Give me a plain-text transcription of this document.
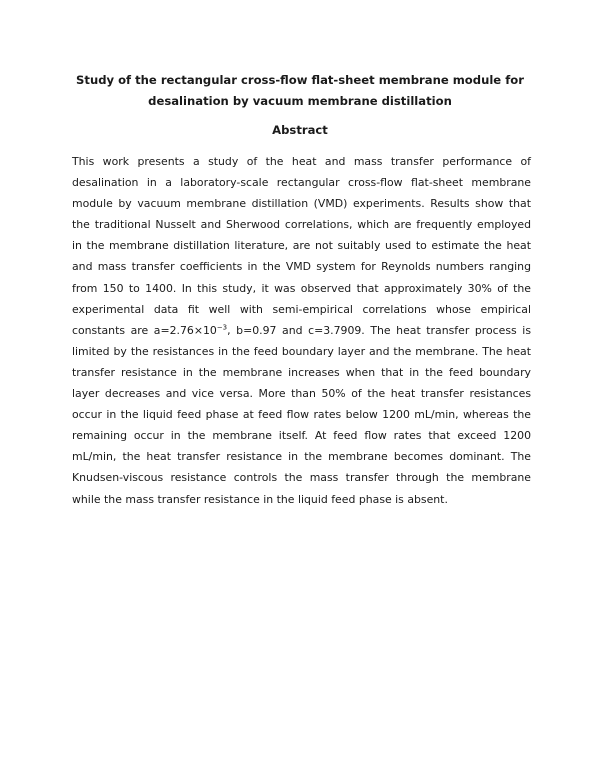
Study of the rectangular cross-flow flat-sheet membrane module for
desalination by vacuum membrane distillation
Abstract

This work presents a study of the heat and mass transfer performance of desalination in a laboratory-scale rectangular cross-flow flat-sheet membrane module by vacuum membrane distillation (VMD) experiments. Results show that the traditional Nusselt and Sherwood correlations, which are frequently employed in the membrane distillation literature, are not suitably used to estimate the heat and mass transfer coefficients in the VMD system for Reynolds numbers ranging from 150 to 1400. In this study, it was observed that approximately 30% of the experimental data fit well with semi-empirical correlations whose empirical constants are $a=2.76\times 10^{-3}$, b=0.97 and c=3.7909. The heat transfer process is limited by the resistances in the feed boundary layer and the membrane. The heat transfer resistance in the membrane increases when that in the feed boundary layer decreases and vice versa. More than 50% of the heat transfer resistances occur in the liquid feed phase at feed flow rates below 1200 mL/min, whereas the remaining occur in the membrane itself. At feed flow rates that exceed 1200 mL/min, the heat transfer resistance in the membrane becomes dominant. The Knudsen-viscous resistance controls the mass transfer through the membrane while the mass transfer resistance in the liquid feed phase is absent.
